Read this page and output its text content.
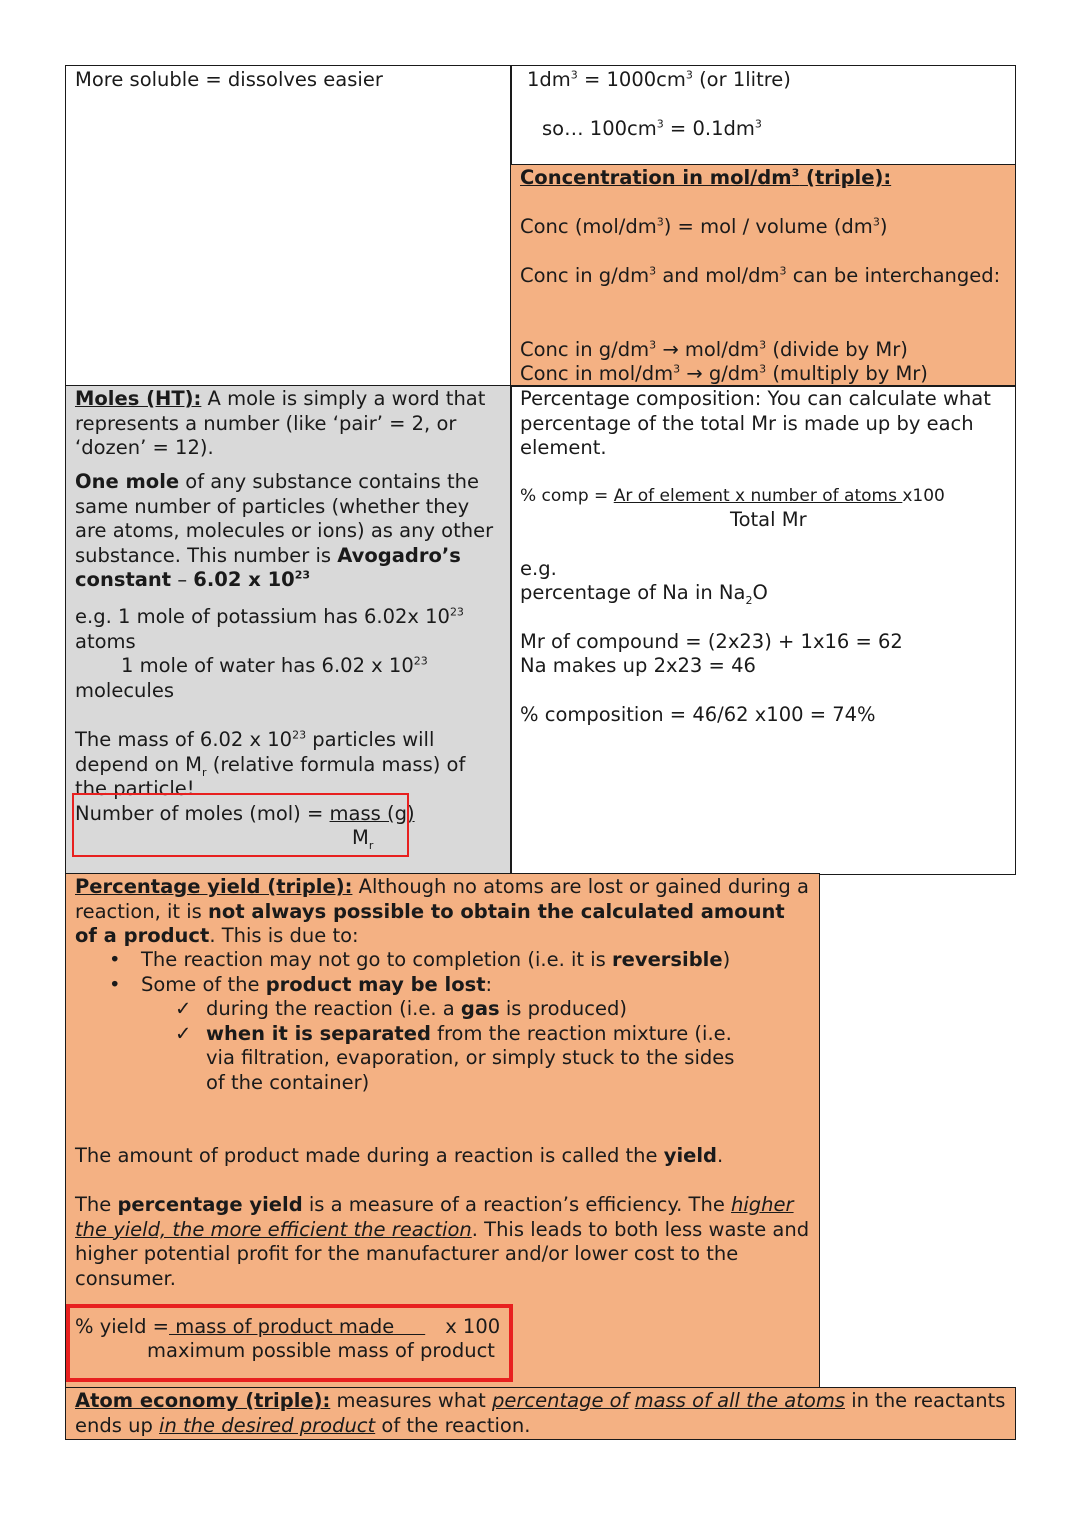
More soluble = dissolves easier	$1dm^3 = 1000cm^3$ (or 1litre)

so… $100cm^3 = 0.1dm^3$

Concentration in mol/$dm^3$ (triple):

Conc $(mol/dm^3)$ = mol / volume $(dm^3)$

Conc in $g/dm^3$ and mol/$dm^3$ can be interchanged:

Conc in $g/dm^3 \to mol/dm^3$ (divide by Mr)

Conc in mol/$dm^3 \to g/dm^3$ (multiply by Mr)

Moles (HT): A mole is simply a word that represents a number (like ‘pair’ = 2, or ‘dozen’ = 12).

One mole of any substance contains the same number of particles (whether they are atoms, molecules or ions) as any other substance. This number is Avogadro’s constant – 6.02 x $10^{23}$

e.g. 1 mole of potassium has 6.02x $10^{23}$ atoms

1 mole of water has 6.02 x $10^{23}$ molecules

The mass of 6.02 x $10^{23}$ particles will depend on $M_r$ (relative formula mass) of the particle!

Number of moles (mol) = mass (g)

$M_r$

Percentage composition: You can calculate what percentage of the total Mr is made up by each element.

% comp = Ar of element x number of atoms x100

Total Mr

e.g.

percentage of Na in $Na_2O$

Mr of compound = (2x23) + 1x16 = 62

Na makes up 2x23 = 46

% composition = 46/62 x100 = 74%

Percentage yield (triple): Although no atoms are lost or gained during a reaction, it is not always possible to obtain the calculated amount of a product. This is due to:

• The reaction may not go to completion (i.e. it is reversible)
• Some of the product may be lost:
✓ during the reaction (i.e. a gas is produced)
✓ when it is separated from the reaction mixture (i.e. via filtration, evaporation, or simply stuck to the sides of the container)

The amount of product made during a reaction is called the yield.

The percentage yield is a measure of a reaction’s efficiency. The higher the yield, the more efficient the reaction. This leads to both less waste and higher potential profit for the manufacturer and/or lower cost to the consumer.

% yield = mass of product made     x 100

maximum possible mass of product

Atom economy (triple): measures what percentage of mass of all the atoms in the reactants ends up in the desired product of the reaction.
